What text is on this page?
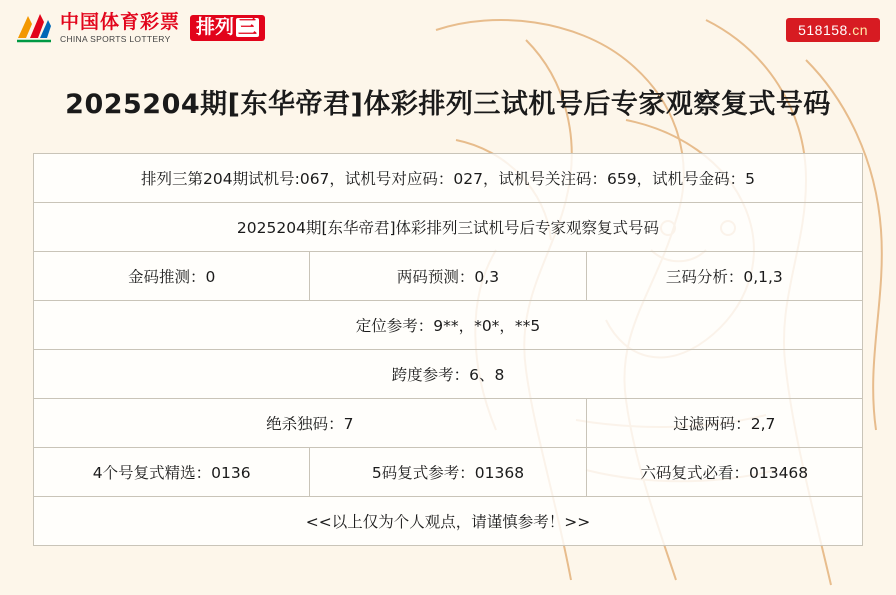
中国体育彩票
CHINA SPORTS LOTTERY
排列 三	518158.cn
2025204期[东华帝君]体彩排列三试机号后专家观察复式号码
排列三第204期试机号:067，试机号对应码：027，试机号关注码：659，试机号金码：5		
2025204期[东华帝君]体彩排列三试机号后专家观察复式号码		
金码推测：0	两码预测：0,3	三码分析：0,1,3
定位参考：9**，*0*，**5		
跨度参考：6、8		
绝杀独码：7		过滤两码：2,7
4个号复式精选：0136	5码复式参考：01368	六码复式必看：013468
<<以上仅为个人观点，请谨慎参考！>>		
